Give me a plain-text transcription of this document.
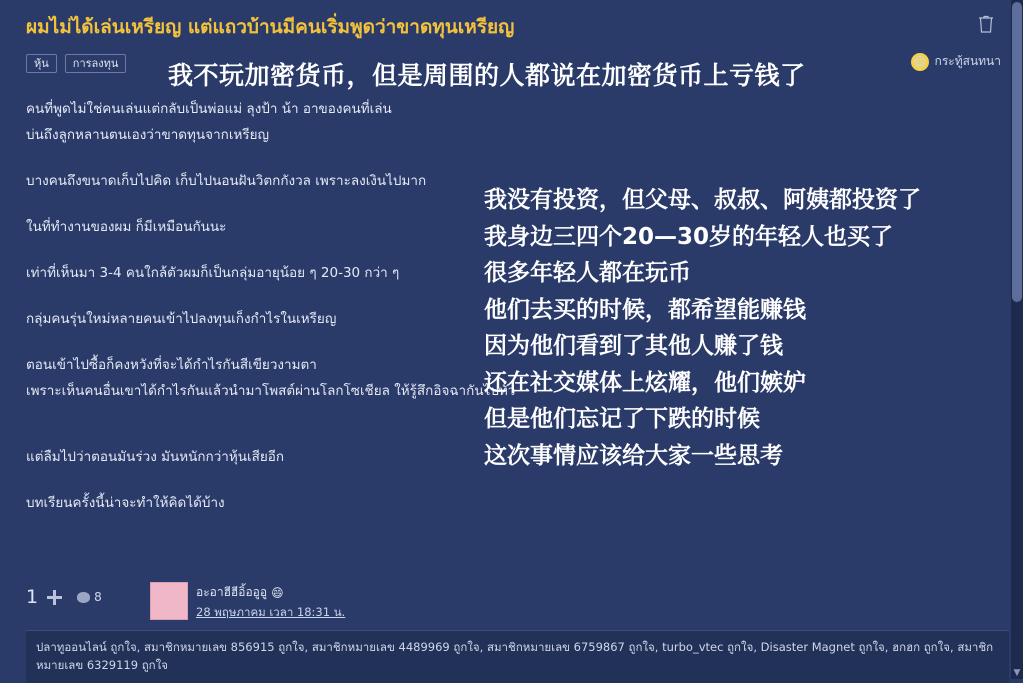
ผมไม่ได้เล่นเหรียญ แต่แถวบ้านมีคนเริ่มพูดว่าขาดทุนเหรียญ
หุ้น	การลงทุน	😄 กระทู้สนทนา
我不玩加密货币，但是周围的人都说在加密货币上亏钱了

คนที่พูดไม่ใช่คนเล่นแต่กลับเป็นพ่อแม่ ลุงป้า น้า อาของคนที่เล่น

บ่นถึงลูกหลานตนเองว่าขาดทุนจากเหรียญ

บางคนถึงขนาดเก็บไปคิด เก็บไปนอนฝันวิตกกังวล เพราะลงเงินไปมาก

ในที่ทำงานของผม ก็มีเหมือนกันนะ

เท่าที่เห็นมา 3-4 คนใกล้ตัวผมก็เป็นกลุ่มอายุน้อย ๆ 20-30 กว่า ๆ

กลุ่มคนรุ่นใหม่หลายคนเข้าไปลงทุนเก็งกำไรในเหรียญ

ตอนเข้าไปซื้อก็คงหวังที่จะได้กำไรกันสีเขียวงามตา

เพราะเห็นคนอื่นเขาได้กำไรกันแล้วนำมาโพสต์ผ่านโลกโซเชียล ให้รู้สึกอิจฉากันไปทั่ว

แต่ลืมไปว่าตอนมันร่วง มันหนักกว่าหุ้นเสียอีก

บทเรียนครั้งนี้น่าจะทำให้คิดได้บ้าง

我没有投资，但父母、叔叔、阿姨都投资了
我身边三四个20—30岁的年轻人也买了
很多年轻人都在玩币
他们去买的时候，都希望能赚钱
因为他们看到了其他人赚了钱
还在社交媒体上炫耀，他们嫉妒
但是他们忘记了下跌的时候
这次事情应该给大家一些思考
1	8	อะอาฮีฮีอิ้ออูอู 😄
28 พฤษภาคม เวลา 18:31 น.
ปลาทูออนไลน์ ถูกใจ, สมาชิกหมายเลข 856915 ถูกใจ, สมาชิกหมายเลข 4489969 ถูกใจ, สมาชิกหมายเลข 6759867 ถูกใจ, turbo_vtec ถูกใจ, Disaster Magnet ถูกใจ, ฮกฮก ถูกใจ, สมาชิกหมายเลข 6329119 ถูกใจ
▼
